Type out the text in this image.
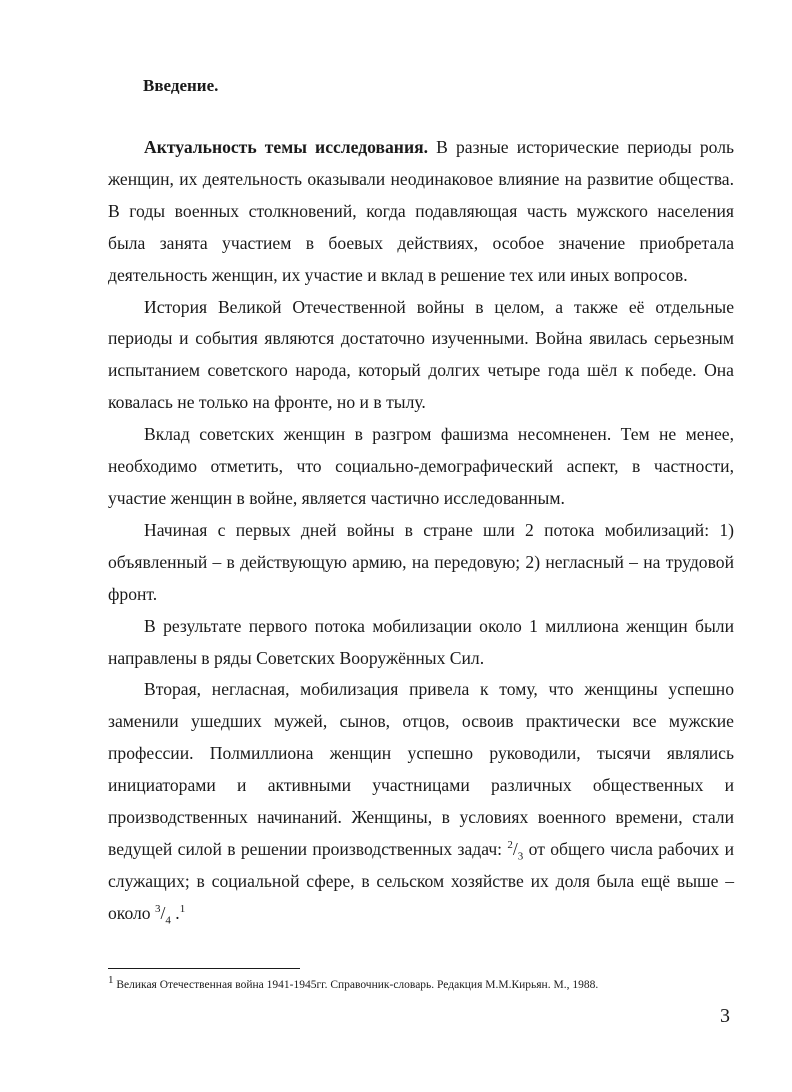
Введение.

Актуальность темы исследования. В разные исторические периоды роль женщин, их деятельность оказывали неодинаковое влияние на развитие общества. В годы военных столкновений, когда подавляющая часть мужского населения была занята участием в боевых действиях, особое значение приобретала деятельность женщин, их участие и вклад в решение тех или иных вопросов.

История Великой Отечественной войны в целом, а также её отдельные периоды и события являются достаточно изученными. Война явилась серьезным испытанием советского народа, который долгих четыре года шёл к победе. Она ковалась не только на фронте, но и в тылу.

Вклад советских женщин в разгром фашизма несомненен. Тем не менее, необходимо отметить, что социально-демографический аспект, в частности, участие женщин в войне, является частично исследованным.

Начиная с первых дней войны в стране шли 2 потока мобилизаций: 1) объявленный – в действующую армию, на передовую; 2) негласный – на трудовой фронт.

В результате первого потока мобилизации около 1 миллиона женщин были направлены в ряды Советских Вооружённых Сил.

Вторая, негласная, мобилизация привела к тому, что женщины успешно заменили ушедших мужей, сынов, отцов, освоив практически все мужские профессии. Полмиллиона женщин успешно руководили, тысячи являлись инициаторами и активными участницами различных общественных и производственных начинаний. Женщины, в условиях военного времени, стали ведущей силой в решении производственных задач: $^2/_3$ от общего числа рабочих и служащих; в социальной сфере, в сельском хозяйстве их доля была ещё выше – около $^3/_4$ .$^1$

$^1$ Великая Отечественная война 1941-1945гг. Справочник-словарь. Редакция М.М.Кирьян. М., 1988.
3
